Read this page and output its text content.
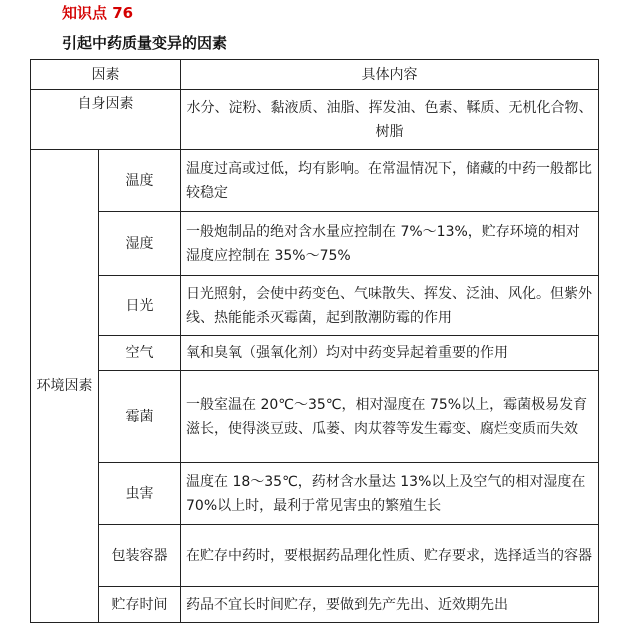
知识点 76
引起中药质量变异的因素
因素		具体内容
自身因素		水分、淀粉、黏液质、油脂、挥发油、色素、鞣质、无机化合物、树脂
环境因素	温度	温度过高或过低，均有影响。在常温情况下，储藏的中药一般都比较稳定
	湿度	一般炮制品的绝对含水量应控制在 7%～13%，贮存环境的相对湿度应控制在 35%～75%
	日光	日光照射，会使中药变色、气味散失、挥发、泛油、风化。但紫外线、热能能杀灭霉菌，起到散潮防霉的作用
	空气	氧和臭氧（强氧化剂）均对中药变异起着重要的作用
	霉菌	一般室温在 20℃～35℃，相对湿度在 75%以上，霉菌极易发育滋长，使得淡豆豉、瓜蒌、肉苁蓉等发生霉变、腐烂变质而失效
	虫害	温度在 18～35℃，药材含水量达 13%以上及空气的相对湿度在 70%以上时，最利于常见害虫的繁殖生长
	包装容器	在贮存中药时，要根据药品理化性质、贮存要求，选择适当的容器
	贮存时间	药品不宜长时间贮存，要做到先产先出、近效期先出
